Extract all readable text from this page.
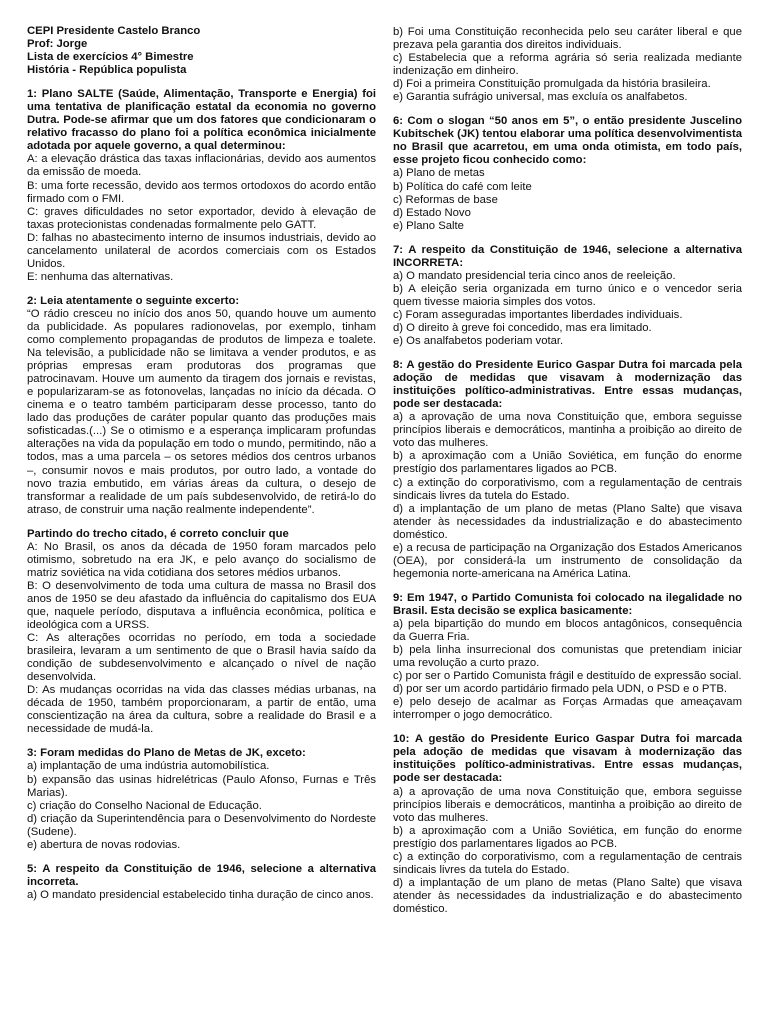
CEPI Presidente Castelo Branco

Prof: Jorge

Lista de exercícios 4° Bimestre

História - República populista

1: Plano SALTE (Saúde, Alimentação, Transporte e Energia) foi uma tentativa de planificação estatal da economia no governo Dutra. Pode-se afirmar que um dos fatores que condicionaram o relativo fracasso do plano foi a política econômica inicialmente adotada por aquele governo, a qual determinou:

A: a elevação drástica das taxas inflacionárias, devido aos aumentos da emissão de moeda.

B: uma forte recessão, devido aos termos ortodoxos do acordo então firmado com o FMI.

C: graves dificuldades no setor exportador, devido à elevação de taxas protecionistas condenadas formalmente pelo GATT.

D: falhas no abastecimento interno de insumos industriais, devido ao cancelamento unilateral de acordos comerciais com os Estados Unidos.

E: nenhuma das alternativas.

2: Leia atentamente o seguinte excerto:

“O rádio cresceu no início dos anos 50, quando houve um aumento da publicidade. As populares radionovelas, por exemplo, tinham como complemento propagandas de produtos de limpeza e toalete. Na televisão, a publicidade não se limitava a vender produtos, e as próprias empresas eram produtoras dos programas que patrocinavam. Houve um aumento da tiragem dos jornais e revistas, e popularizaram-se as fotonovelas, lançadas no início da década. O cinema e o teatro também participaram desse processo, tanto do lado das produções de caráter popular quanto das produções mais sofisticadas.(...) Se o otimismo e a esperança implicaram profundas alterações na vida da população em todo o mundo, permitindo, não a todos, mas a uma parcela – os setores médios dos centros urbanos –, consumir novos e mais produtos, por outro lado, a vontade do novo trazia embutido, em várias áreas da cultura, o desejo de transformar a realidade de um país subdesenvolvido, de retirá-lo do atraso, de construir uma nação realmente independente”.

Partindo do trecho citado, é correto concluir que

A: No Brasil, os anos da década de 1950 foram marcados pelo otimismo, sobretudo na era JK, e pelo avanço do socialismo de matriz soviética na vida cotidiana dos setores médios urbanos.

B: O desenvolvimento de toda uma cultura de massa no Brasil dos anos de 1950 se deu afastado da influência do capitalismo dos EUA que, naquele período, disputava a influência econômica, política e ideológica com a URSS.

C: As alterações ocorridas no período, em toda a sociedade brasileira, levaram a um sentimento de que o Brasil havia saído da condição de subdesenvolvimento e alcançado o nível de nação desenvolvida.

D: As mudanças ocorridas na vida das classes médias urbanas, na década de 1950, também proporcionaram, a partir de então, uma conscientização na área da cultura, sobre a realidade do Brasil e a necessidade de mudá-la.

3: Foram medidas do Plano de Metas de JK, exceto:

a) implantação de uma indústria automobilística.

b) expansão das usinas hidrelétricas (Paulo Afonso, Furnas e Três Marias).

c) criação do Conselho Nacional de Educação.

d) criação da Superintendência para o Desenvolvimento do Nordeste (Sudene).

e) abertura de novas rodovias.

5: A respeito da Constituição de 1946, selecione a alternativa incorreta.

a) O mandato presidencial estabelecido tinha duração de cinco anos.

b) Foi uma Constituição reconhecida pelo seu caráter liberal e que prezava pela garantia dos direitos individuais.

c) Estabelecia que a reforma agrária só seria realizada mediante indenização em dinheiro.

d) Foi a primeira Constituição promulgada da história brasileira.

e) Garantia sufrágio universal, mas excluía os analfabetos.

6: Com o slogan “50 anos em 5”, o então presidente Juscelino Kubitschek (JK) tentou elaborar uma política desenvolvimentista no Brasil que acarretou, em uma onda otimista, em todo país, esse projeto ficou conhecido como:

a) Plano de metas

b) Política do café com leite

c) Reformas de base

d) Estado Novo

e) Plano Salte

7: A respeito da Constituição de 1946, selecione a alternativa INCORRETA:

a) O mandato presidencial teria cinco anos de reeleição.

b) A eleição seria organizada em turno único e o vencedor seria quem tivesse maioria simples dos votos.

c) Foram asseguradas importantes liberdades individuais.

d) O direito à greve foi concedido, mas era limitado.

e) Os analfabetos poderiam votar.

8: A gestão do Presidente Eurico Gaspar Dutra foi marcada pela adoção de medidas que visavam à modernização das instituições político-administrativas. Entre essas mudanças, pode ser destacada:

a) a aprovação de uma nova Constituição que, embora seguisse princípios liberais e democráticos, mantinha a proibição ao direito de voto das mulheres.

b) a aproximação com a União Soviética, em função do enorme prestígio dos parlamentares ligados ao PCB.

c) a extinção do corporativismo, com a regulamentação de centrais sindicais livres da tutela do Estado.

d) a implantação de um plano de metas (Plano Salte) que visava atender às necessidades da industrialização e do abastecimento doméstico.

e) a recusa de participação na Organização dos Estados Americanos (OEA), por considerá-la um instrumento de consolidação da hegemonia norte-americana na América Latina.

9: Em 1947, o Partido Comunista foi colocado na ilegalidade no Brasil. Esta decisão se explica basicamente:

a) pela bipartição do mundo em blocos antagônicos, consequência da Guerra Fria.

b) pela linha insurrecional dos comunistas que pretendiam iniciar uma revolução a curto prazo.

c) por ser o Partido Comunista frágil e destituído de expressão social.

d) por ser um acordo partidário firmado pela UDN, o PSD e o PTB.

e) pelo desejo de acalmar as Forças Armadas que ameaçavam interromper o jogo democrático.

10: A gestão do Presidente Eurico Gaspar Dutra foi marcada pela adoção de medidas que visavam à modernização das instituições político-administrativas. Entre essas mudanças, pode ser destacada:

a) a aprovação de uma nova Constituição que, embora seguisse princípios liberais e democráticos, mantinha a proibição ao direito de voto das mulheres.

b) a aproximação com a União Soviética, em função do enorme prestígio dos parlamentares ligados ao PCB.

c) a extinção do corporativismo, com a regulamentação de centrais sindicais livres da tutela do Estado.

d) a implantação de um plano de metas (Plano Salte) que visava atender às necessidades da industrialização e do abastecimento doméstico.
